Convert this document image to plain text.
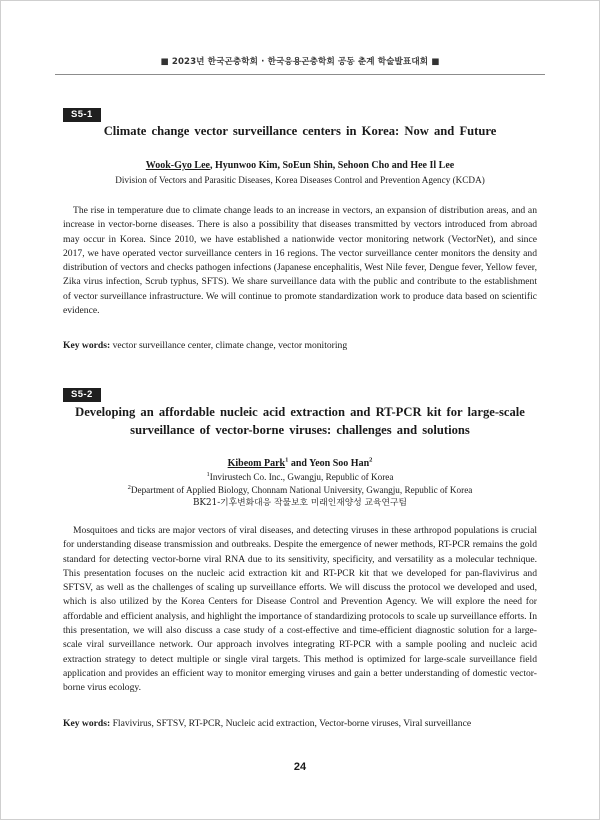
■ 2023년 한국곤충학회 · 한국응용곤충학회 공동 춘계 학술발표대회 ■
S5-1
Climate change vector surveillance centers in Korea: Now and Future
Wook-Gyo Lee, Hyunwoo Kim, SoEun Shin, Sehoon Cho and Hee Il Lee
Division of Vectors and Parasitic Diseases, Korea Diseases Control and Prevention Agency (KCDA)

The rise in temperature due to climate change leads to an increase in vectors, an expansion of distribution areas, and an increase in vector-borne diseases. There is also a possibility that diseases transmitted by vectors introduced from abroad may occur in Korea. Since 2010, we have established a nationwide vector monitoring network (VectorNet), and since 2017, we have operated vector surveillance centers in 16 regions. The vector surveillance center monitors the density and distribution of vectors and checks pathogen infections (Japanese encephalitis, West Nile fever, Dengue fever, Yellow fever, Zika virus infection, Scrub typhus, SFTS). We share surveillance data with the public and contribute to the establishment of vector surveillance infrastructure. We will continue to promote standardization work to produce data based on scientific evidence.

Key words: vector surveillance center, climate change, vector monitoring

S5-2
Developing an affordable nucleic acid extraction and RT-PCR kit for large-scale
surveillance of vector-borne viruses: challenges and solutions
Kibeom Park$^1$ and Yeon Soo Han$^2$
$^1$Invirustech Co. Inc., Gwangju, Republic of Korea
$^2$Department of Applied Biology, Chonnam National University, Gwangju, Republic of Korea
BK21-기후변화대응 작물보호 미래인재양성 교육연구팀

Mosquitoes and ticks are major vectors of viral diseases, and detecting viruses in these arthropod populations is crucial for understanding disease transmission and outbreaks. Despite the emergence of newer methods, RT-PCR remains the gold standard for detecting vector-borne viral RNA due to its sensitivity, specificity, and versatility as a molecular technique. This presentation focuses on the nucleic acid extraction kit and RT-PCR kit that we developed for pan-flavivirus and SFTSV, as well as the challenges of scaling up surveillance efforts. We will discuss the protocol we developed and used, which is also utilized by the Korea Centers for Disease Control and Prevention Agency. We will explore the need for affordable and efficient analysis, and highlight the importance of standardizing protocols to scale up surveillance efforts. In this presentation, we will also discuss a case study of a cost-effective and time-efficient diagnostic solution for a large-scale viral surveillance network. Our approach involves integrating RT-PCR with a sample pooling and nucleic acid extraction strategy to detect multiple or single viral targets. This method is optimized for large-scale surveillance field application and provides an efficient way to monitor emerging viruses and gain a better understanding of domestic vector-borne virus ecology.

Key words: Flavivirus, SFTSV, RT-PCR, Nucleic acid extraction, Vector-borne viruses, Viral surveillance

24
